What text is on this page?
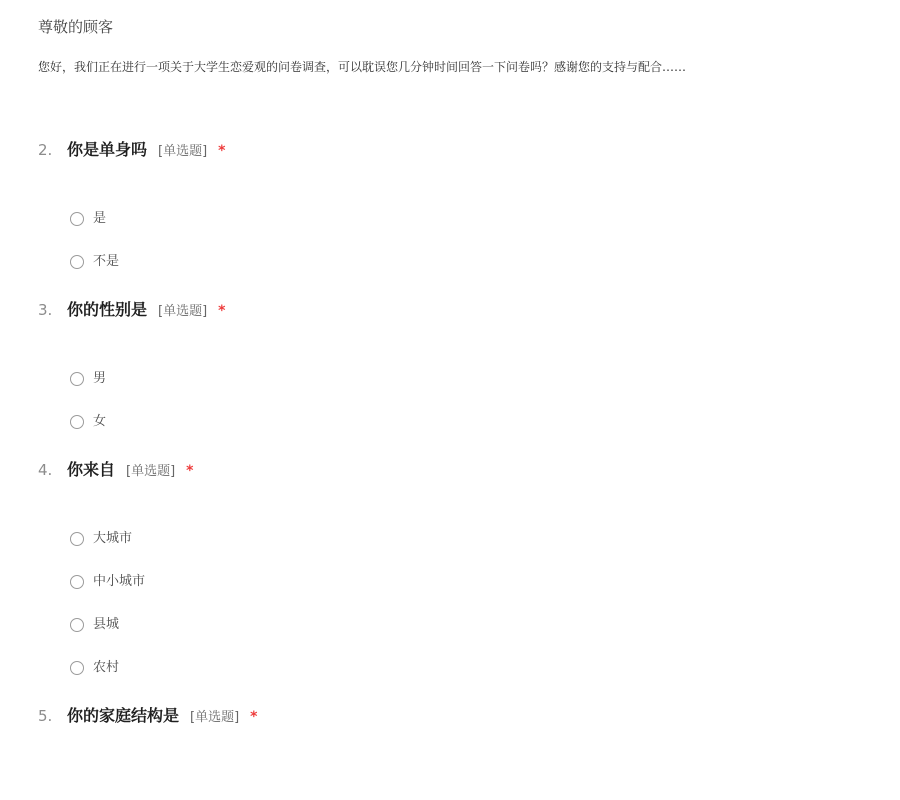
尊敬的顾客
您好，我们正在进行一项关于大学生恋爱观的问卷调查，可以耽误您几分钟时间回答一下问卷吗？感谢您的支持与配合……
2. 你是单身吗 [单选题] *
是
不是
3. 你的性别是 [单选题] *
男
女
4. 你来自 [单选题] *
大城市
中小城市
县城
农村
5. 你的家庭结构是 [单选题] *
